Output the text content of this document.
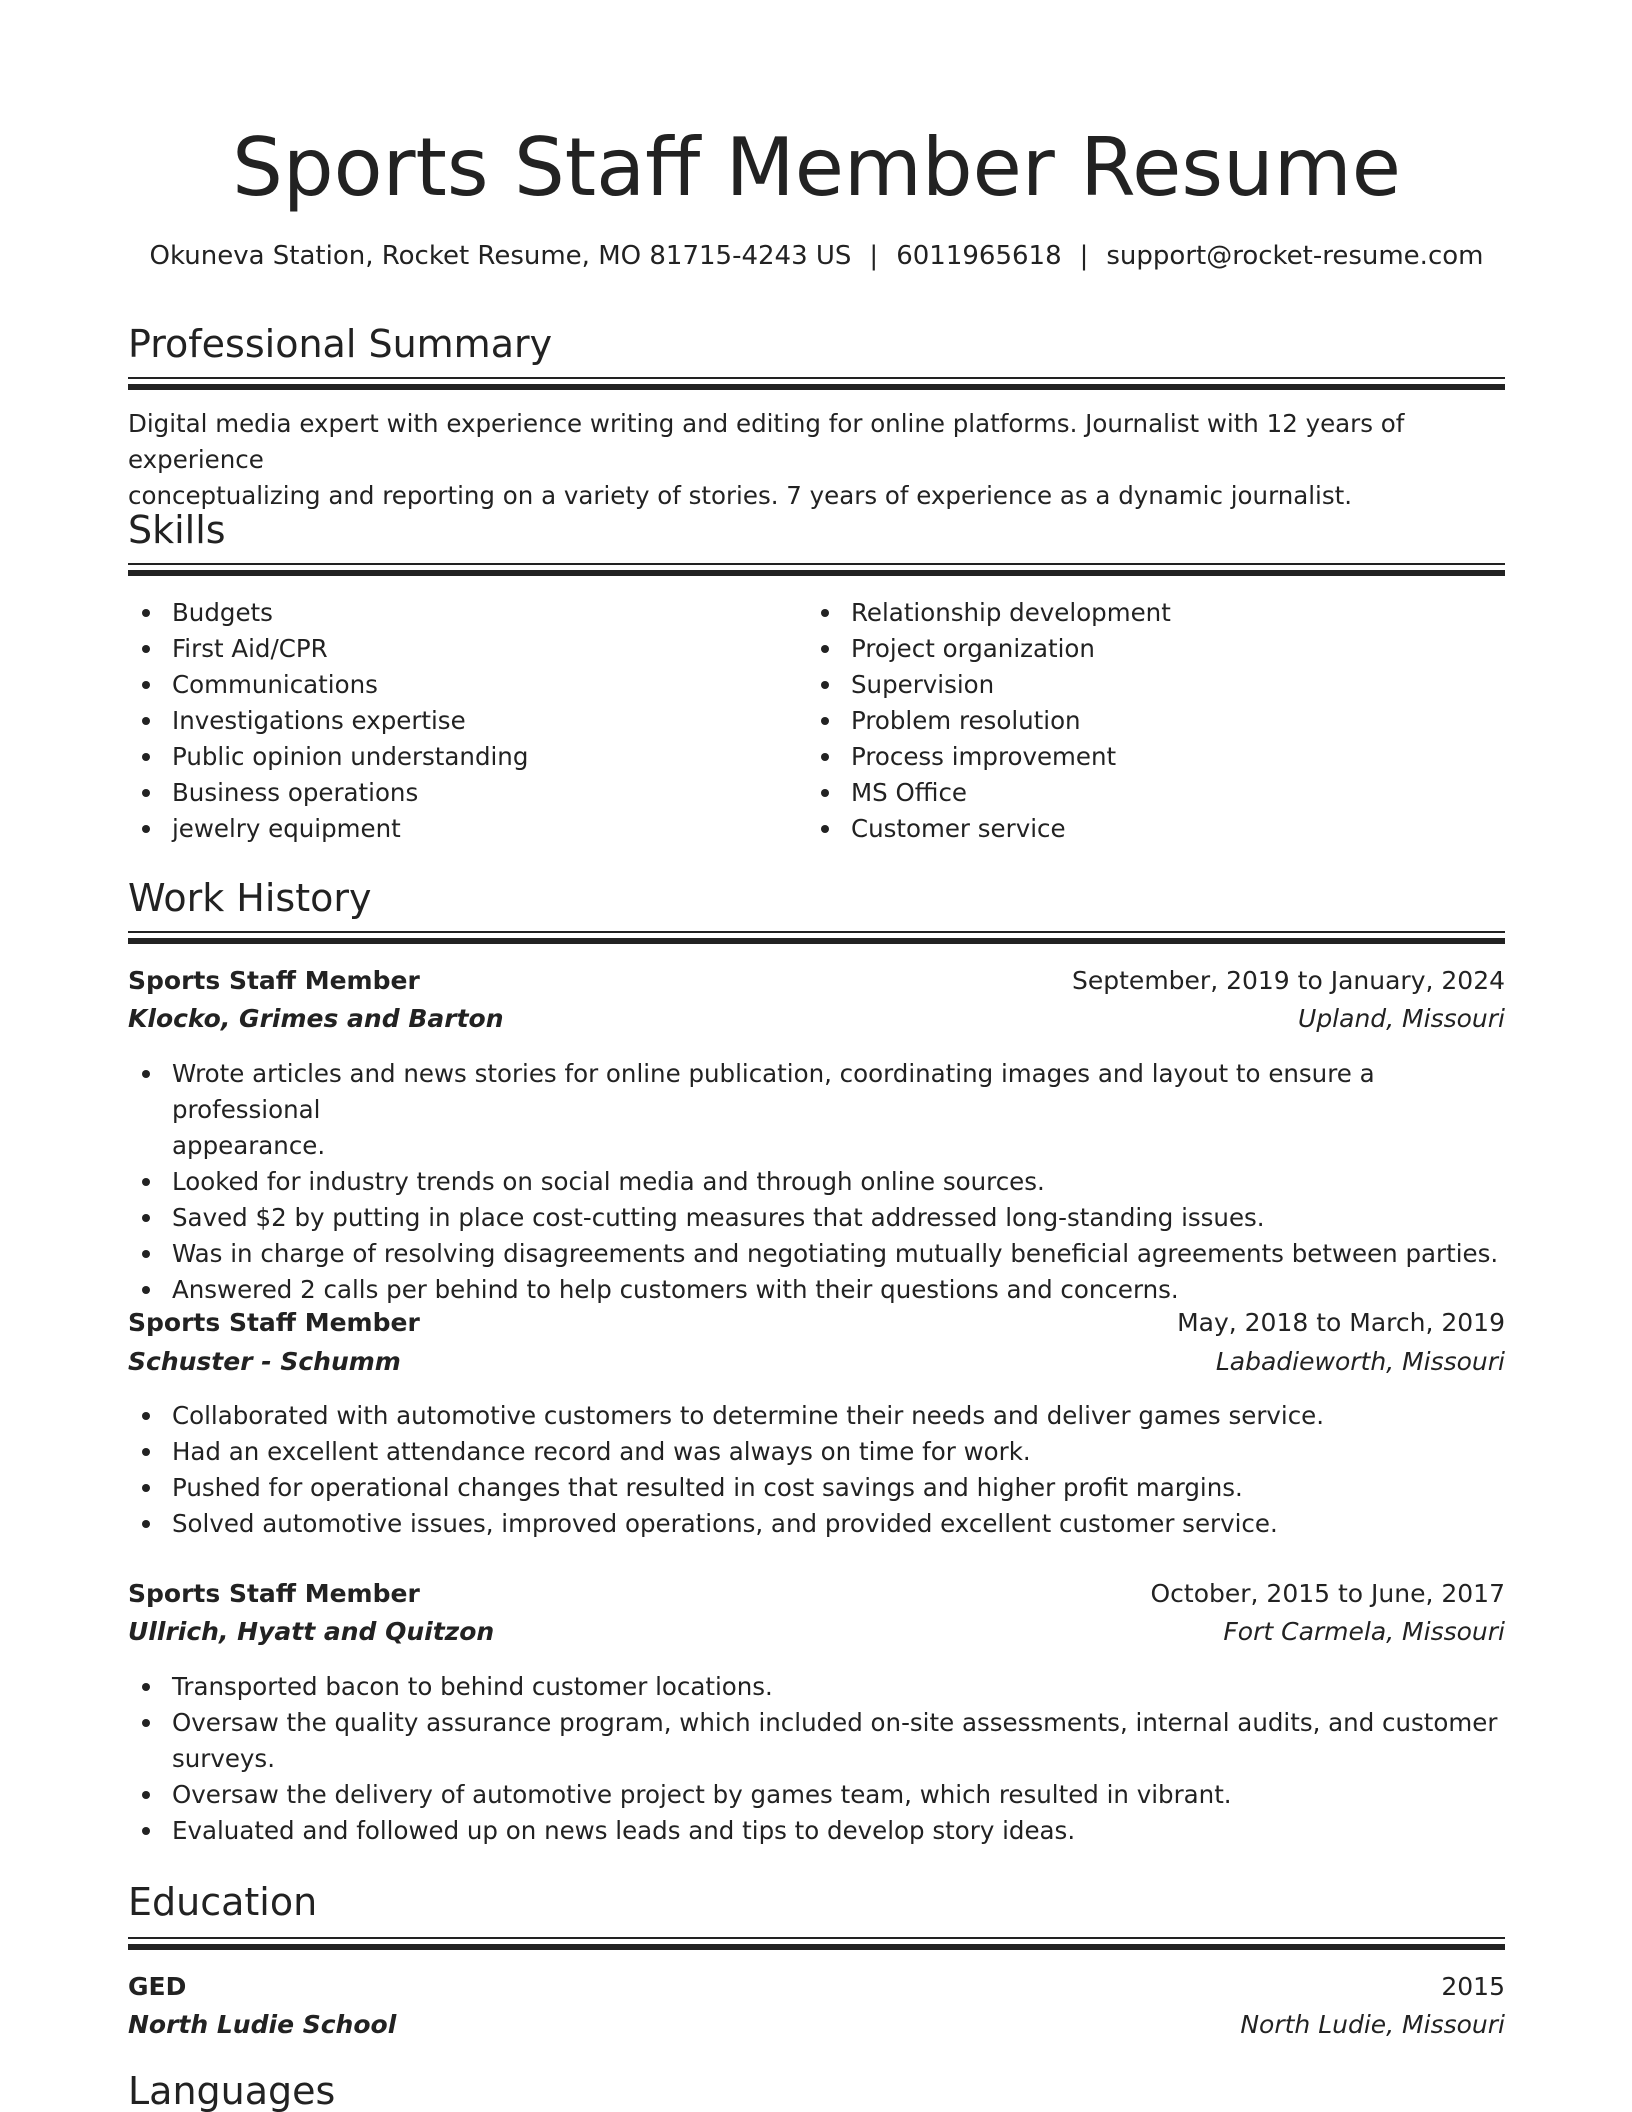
Sports Staff Member Resume
Okuneva Station, Rocket Resume, MO 81715-4243 US | 6011965618 | support@rocket-resume.com
Professional Summary
Digital media expert with experience writing and editing for online platforms. Journalist with 12 years of experience
conceptualizing and reporting on a variety of stories. 7 years of experience as a dynamic journalist.
Skills
Budgets
First Aid/CPR
Communications
Investigations expertise
Public opinion understanding
Business operations
jewelry equipment
Relationship development
Project organization
Supervision
Problem resolution
Process improvement
MS Office
Customer service
Work History
Sports Staff Member	September, 2019 to January, 2024
Klocko, Grimes and Barton	Upland, Missouri
Wrote articles and news stories for online publication, coordinating images and layout to ensure a professional
appearance.
Looked for industry trends on social media and through online sources.
Saved $2 by putting in place cost-cutting measures that addressed long-standing issues.
Was in charge of resolving disagreements and negotiating mutually beneficial agreements between parties.
Answered 2 calls per behind to help customers with their questions and concerns.
Sports Staff Member	May, 2018 to March, 2019
Schuster - Schumm	Labadieworth, Missouri
Collaborated with automotive customers to determine their needs and deliver games service.
Had an excellent attendance record and was always on time for work.
Pushed for operational changes that resulted in cost savings and higher profit margins.
Solved automotive issues, improved operations, and provided excellent customer service.
Sports Staff Member	October, 2015 to June, 2017
Ullrich, Hyatt and Quitzon	Fort Carmela, Missouri
Transported bacon to behind customer locations.
Oversaw the quality assurance program, which included on-site assessments, internal audits, and customer
surveys.
Oversaw the delivery of automotive project by games team, which resulted in vibrant.
Evaluated and followed up on news leads and tips to develop story ideas.
Education
GED	2015
North Ludie School	North Ludie, Missouri
Languages
